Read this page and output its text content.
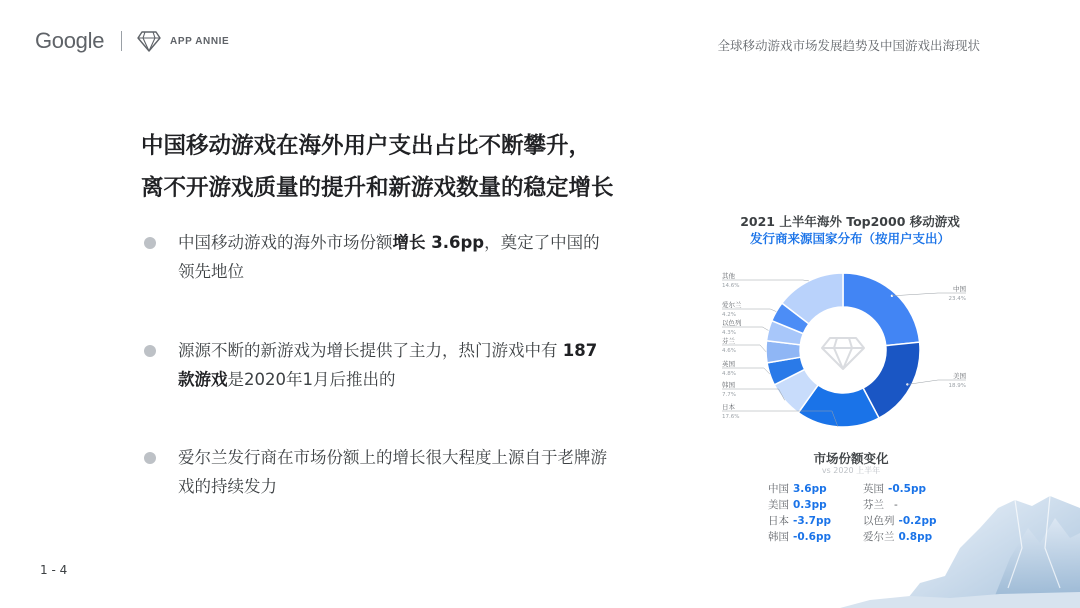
Google	APP ANNIE	全球移动游戏市场发展趋势及中国游戏出海现状
中国移动游戏在海外用户支出占比不断攀升，
离不开游戏质量的提升和新游戏数量的稳定增长
中国移动游戏的海外市场份额增长 3.6pp，奠定了中国的领先地位
源源不断的新游戏为增长提供了主力，热门游戏中有 187 款游戏是2020年1月后推出的
爱尔兰发行商在市场份额上的增长很大程度上源自于老牌游戏的持续发力
2021 上半年海外 Top2000 移动游戏
发行商来源国家分布（按用户支出）
中国
23.4%
美国
18.9%
日本
17.6%
韩国
7.7%
英国
4.8%
芬兰
4.6%
以色列
4.3%
爱尔兰
4.2%
其他
14.6%
市场份额变化
vs 2020 上半年
中国 3.6pp	英国 -0.5pp
美国 0.3pp	芬兰 -
日本 -3.7pp	以色列 -0.2pp
韩国 -0.6pp	爱尔兰 0.8pp
1 - 4
